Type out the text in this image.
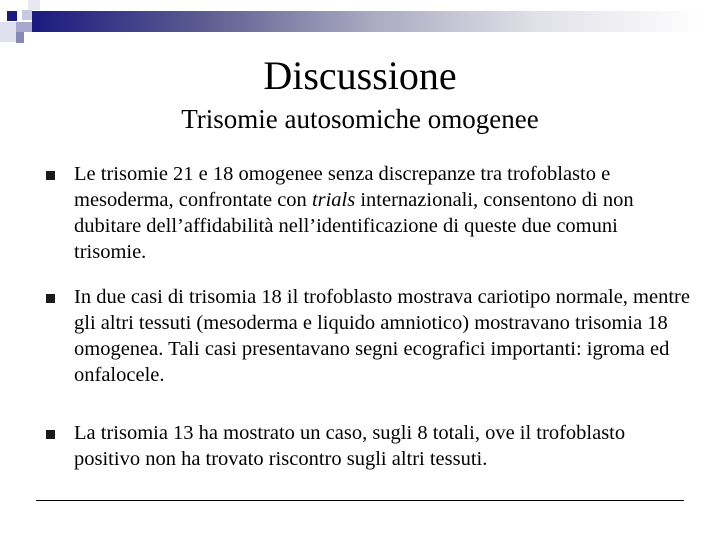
Discussione
Trisomie autosomiche omogenee
Le trisomie 21 e 18 omogenee senza discrepanze tra trofoblasto e mesoderma, confrontate con trials internazionali, consentono di non dubitare dell’affidabilità nell’identificazione di queste due comuni trisomie.
In due casi di trisomia 18 il trofoblasto mostrava cariotipo normale, mentre gli altri tessuti (mesoderma e liquido amniotico) mostravano trisomia 18 omogenea. Tali casi presentavano segni ecografici importanti: igroma ed onfalocele.
La trisomia 13 ha mostrato un caso, sugli 8 totali, ove il trofoblasto positivo non ha trovato riscontro sugli altri tessuti.
